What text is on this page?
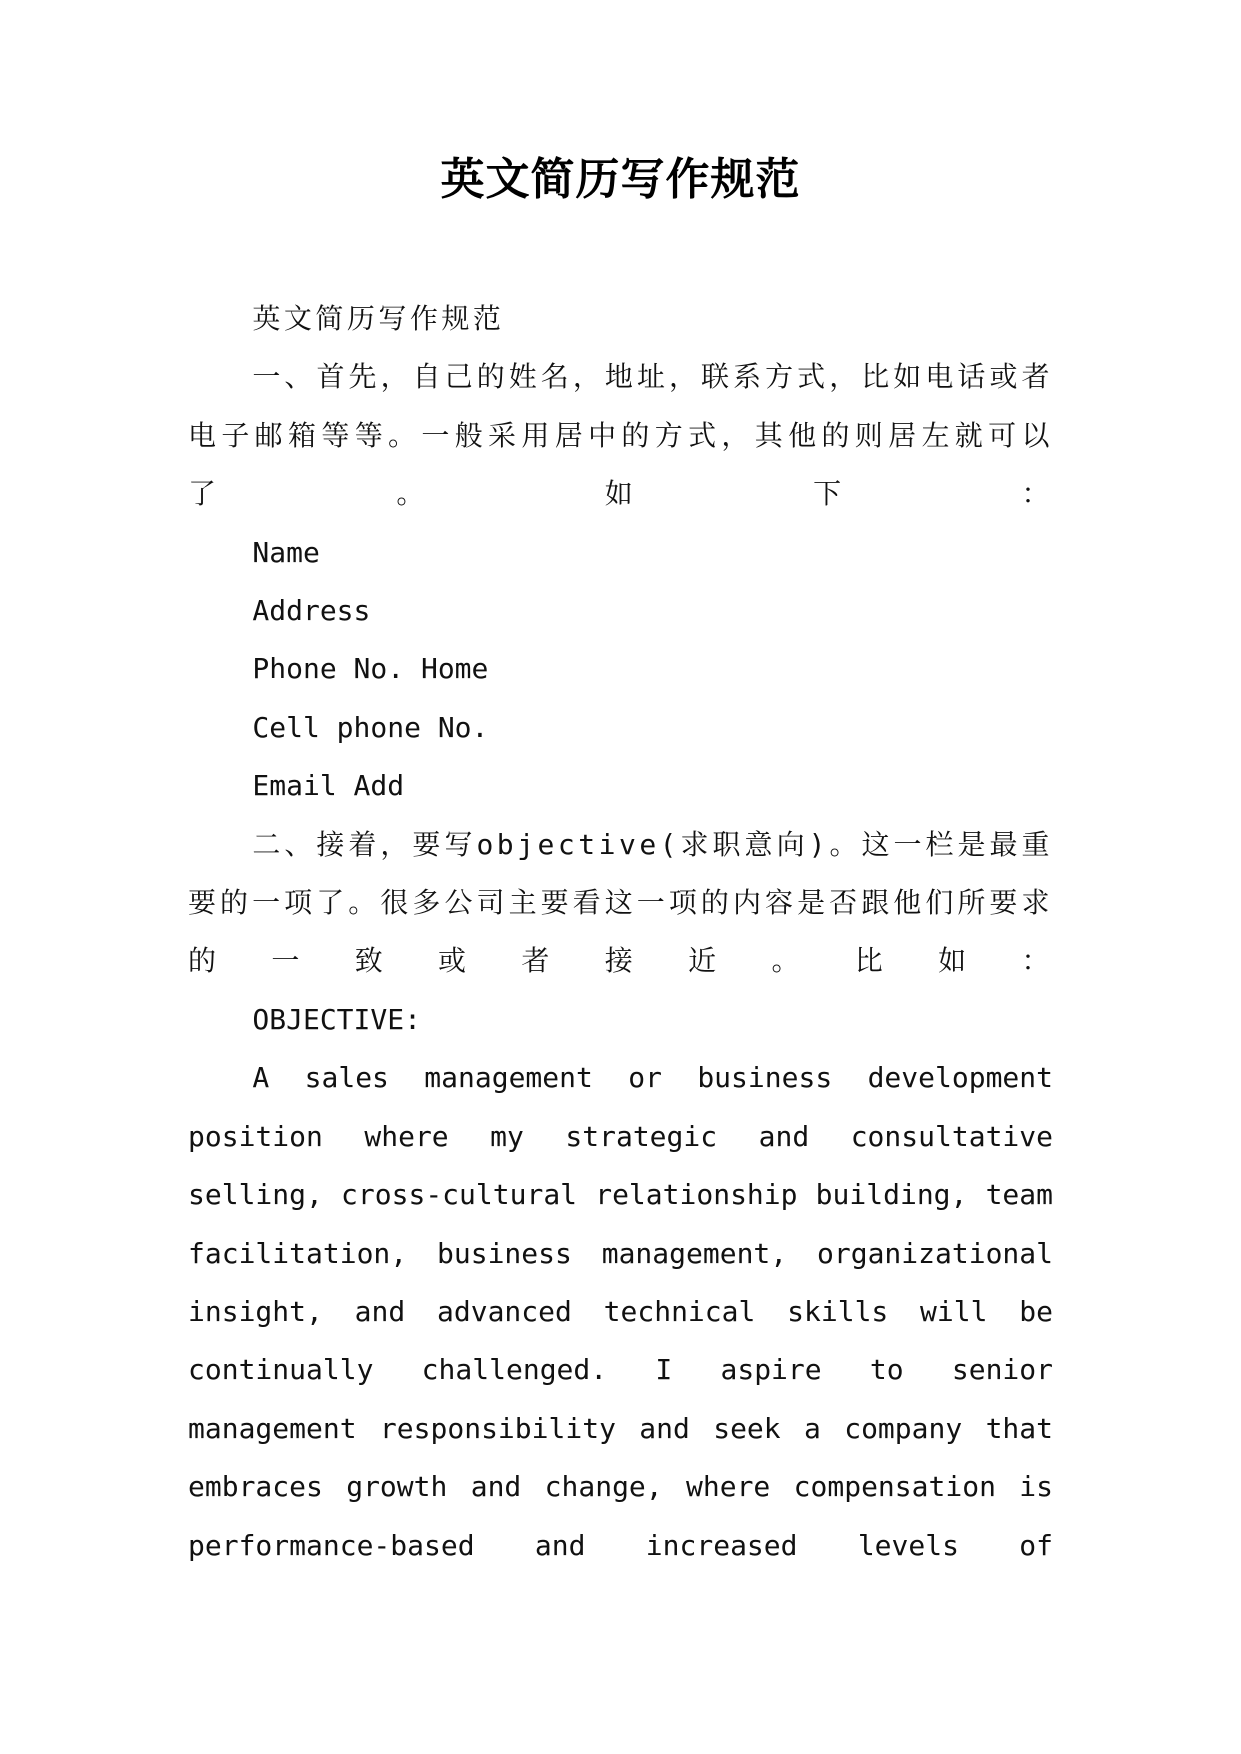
英文简历写作规范

英文简历写作规范

一、首先，自己的姓名，地址，联系方式，比如电话或者电子邮箱等等。一般采用居中的方式，其他的则居左就可以了。如下：

Name

Address

Phone No. Home

Cell phone No.

Email Add

二、接着，要写objective(求职意向)。这一栏是最重要的一项了。很多公司主要看这一项的内容是否跟他们所要求的一致或者接近。比如：

OBJECTIVE:

A sales management or business development position where my strategic and consultative selling, cross-cultural relationship building, team facilitation, business management, organizational insight, and advanced technical skills will be continually challenged. I aspire to senior management responsibility and seek a company that embraces growth and change, where compensation is performance-based and increased levels of
